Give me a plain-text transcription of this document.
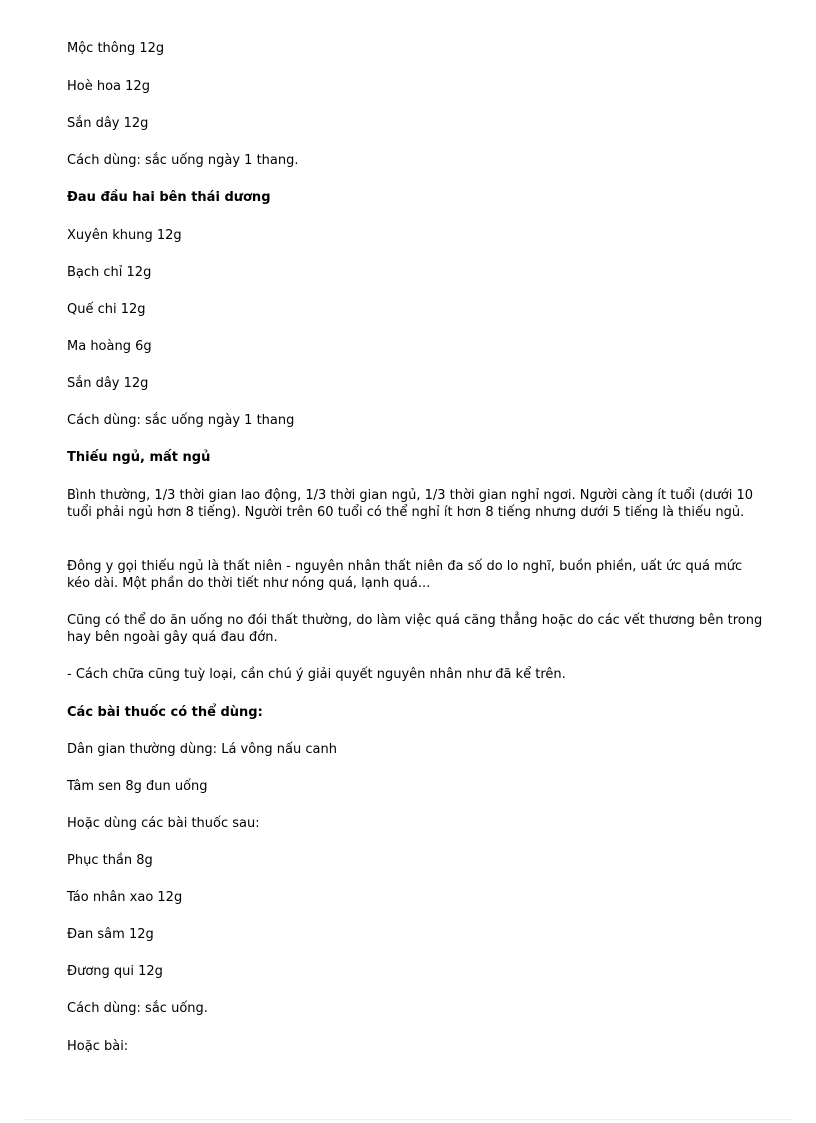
Mộc thông 12g
Hoè hoa 12g
Sắn dây 12g
Cách dùng: sắc uống ngày 1 thang.
Đau đầu hai bên thái dương
Xuyên khung 12g
Bạch chỉ 12g
Quế chi 12g
Ma hoàng 6g
Sắn dây 12g
Cách dùng: sắc uống ngày 1 thang
Thiếu ngủ, mất ngủ
Bình thường, 1/3 thời gian lao động, 1/3 thời gian ngủ, 1/3 thời gian nghỉ ngơi. Người càng ít tuổi (dưới 10 tuổi phải ngủ hơn 8 tiếng). Người trên 60 tuổi có thể nghỉ ít hơn 8 tiếng nhưng dưới 5 tiếng là thiếu ngủ.
Đông y gọi thiếu ngủ là thất niên - nguyên nhân thất niên đa số do lo nghĩ, buồn phiền, uất ức quá mức kéo dài. Một phần do thời tiết như nóng quá, lạnh quá...
Cũng có thể do ăn uống no đói thất thường, do làm việc quá căng thẳng hoặc do các vết thương bên trong hay bên ngoài gây quá đau đớn.
- Cách chữa cũng tuỳ loại, cần chú ý giải quyết nguyên nhân như đã kể trên.
Các bài thuốc có thể dùng:
Dân gian thường dùng: Lá vông nấu canh
Tâm sen 8g đun uống
Hoặc dùng các bài thuốc sau:
Phục thần 8g
Táo nhân xao 12g
Đan sâm 12g
Đương qui 12g
Cách dùng: sắc uống.
Hoặc bài:
